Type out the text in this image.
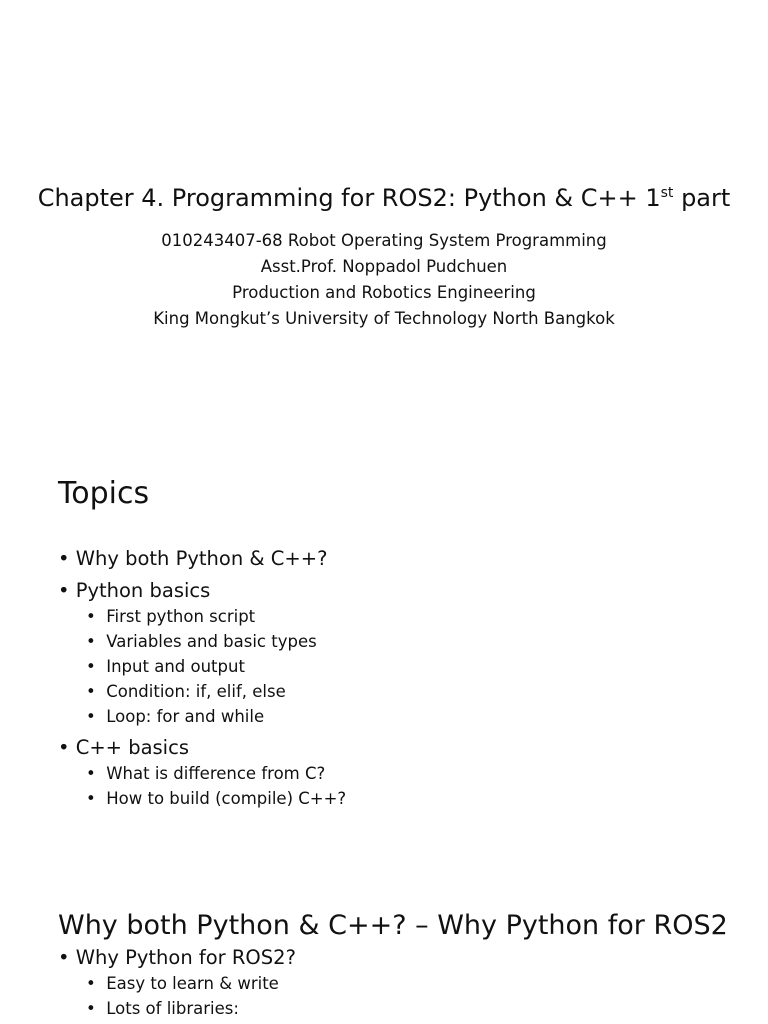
Chapter 4. Programming for ROS2: Python & C++ 1st part
010243407-68 Robot Operating System Programming
Asst.Prof. Noppadol Pudchuen
Production and Robotics Engineering
King Mongkut’s University of Technology North Bangkok
Topics
• Why both Python & C++?
• Python basics
•  First python script
•  Variables and basic types
•  Input and output
•  Condition: if, elif, else
•  Loop: for and while
• C++ basics
•  What is difference from C?
•  How to build (compile) C++?
Why both Python & C++? – Why Python for ROS2
• Why Python for ROS2?
•  Easy to learn & write
•  Lots of libraries:
